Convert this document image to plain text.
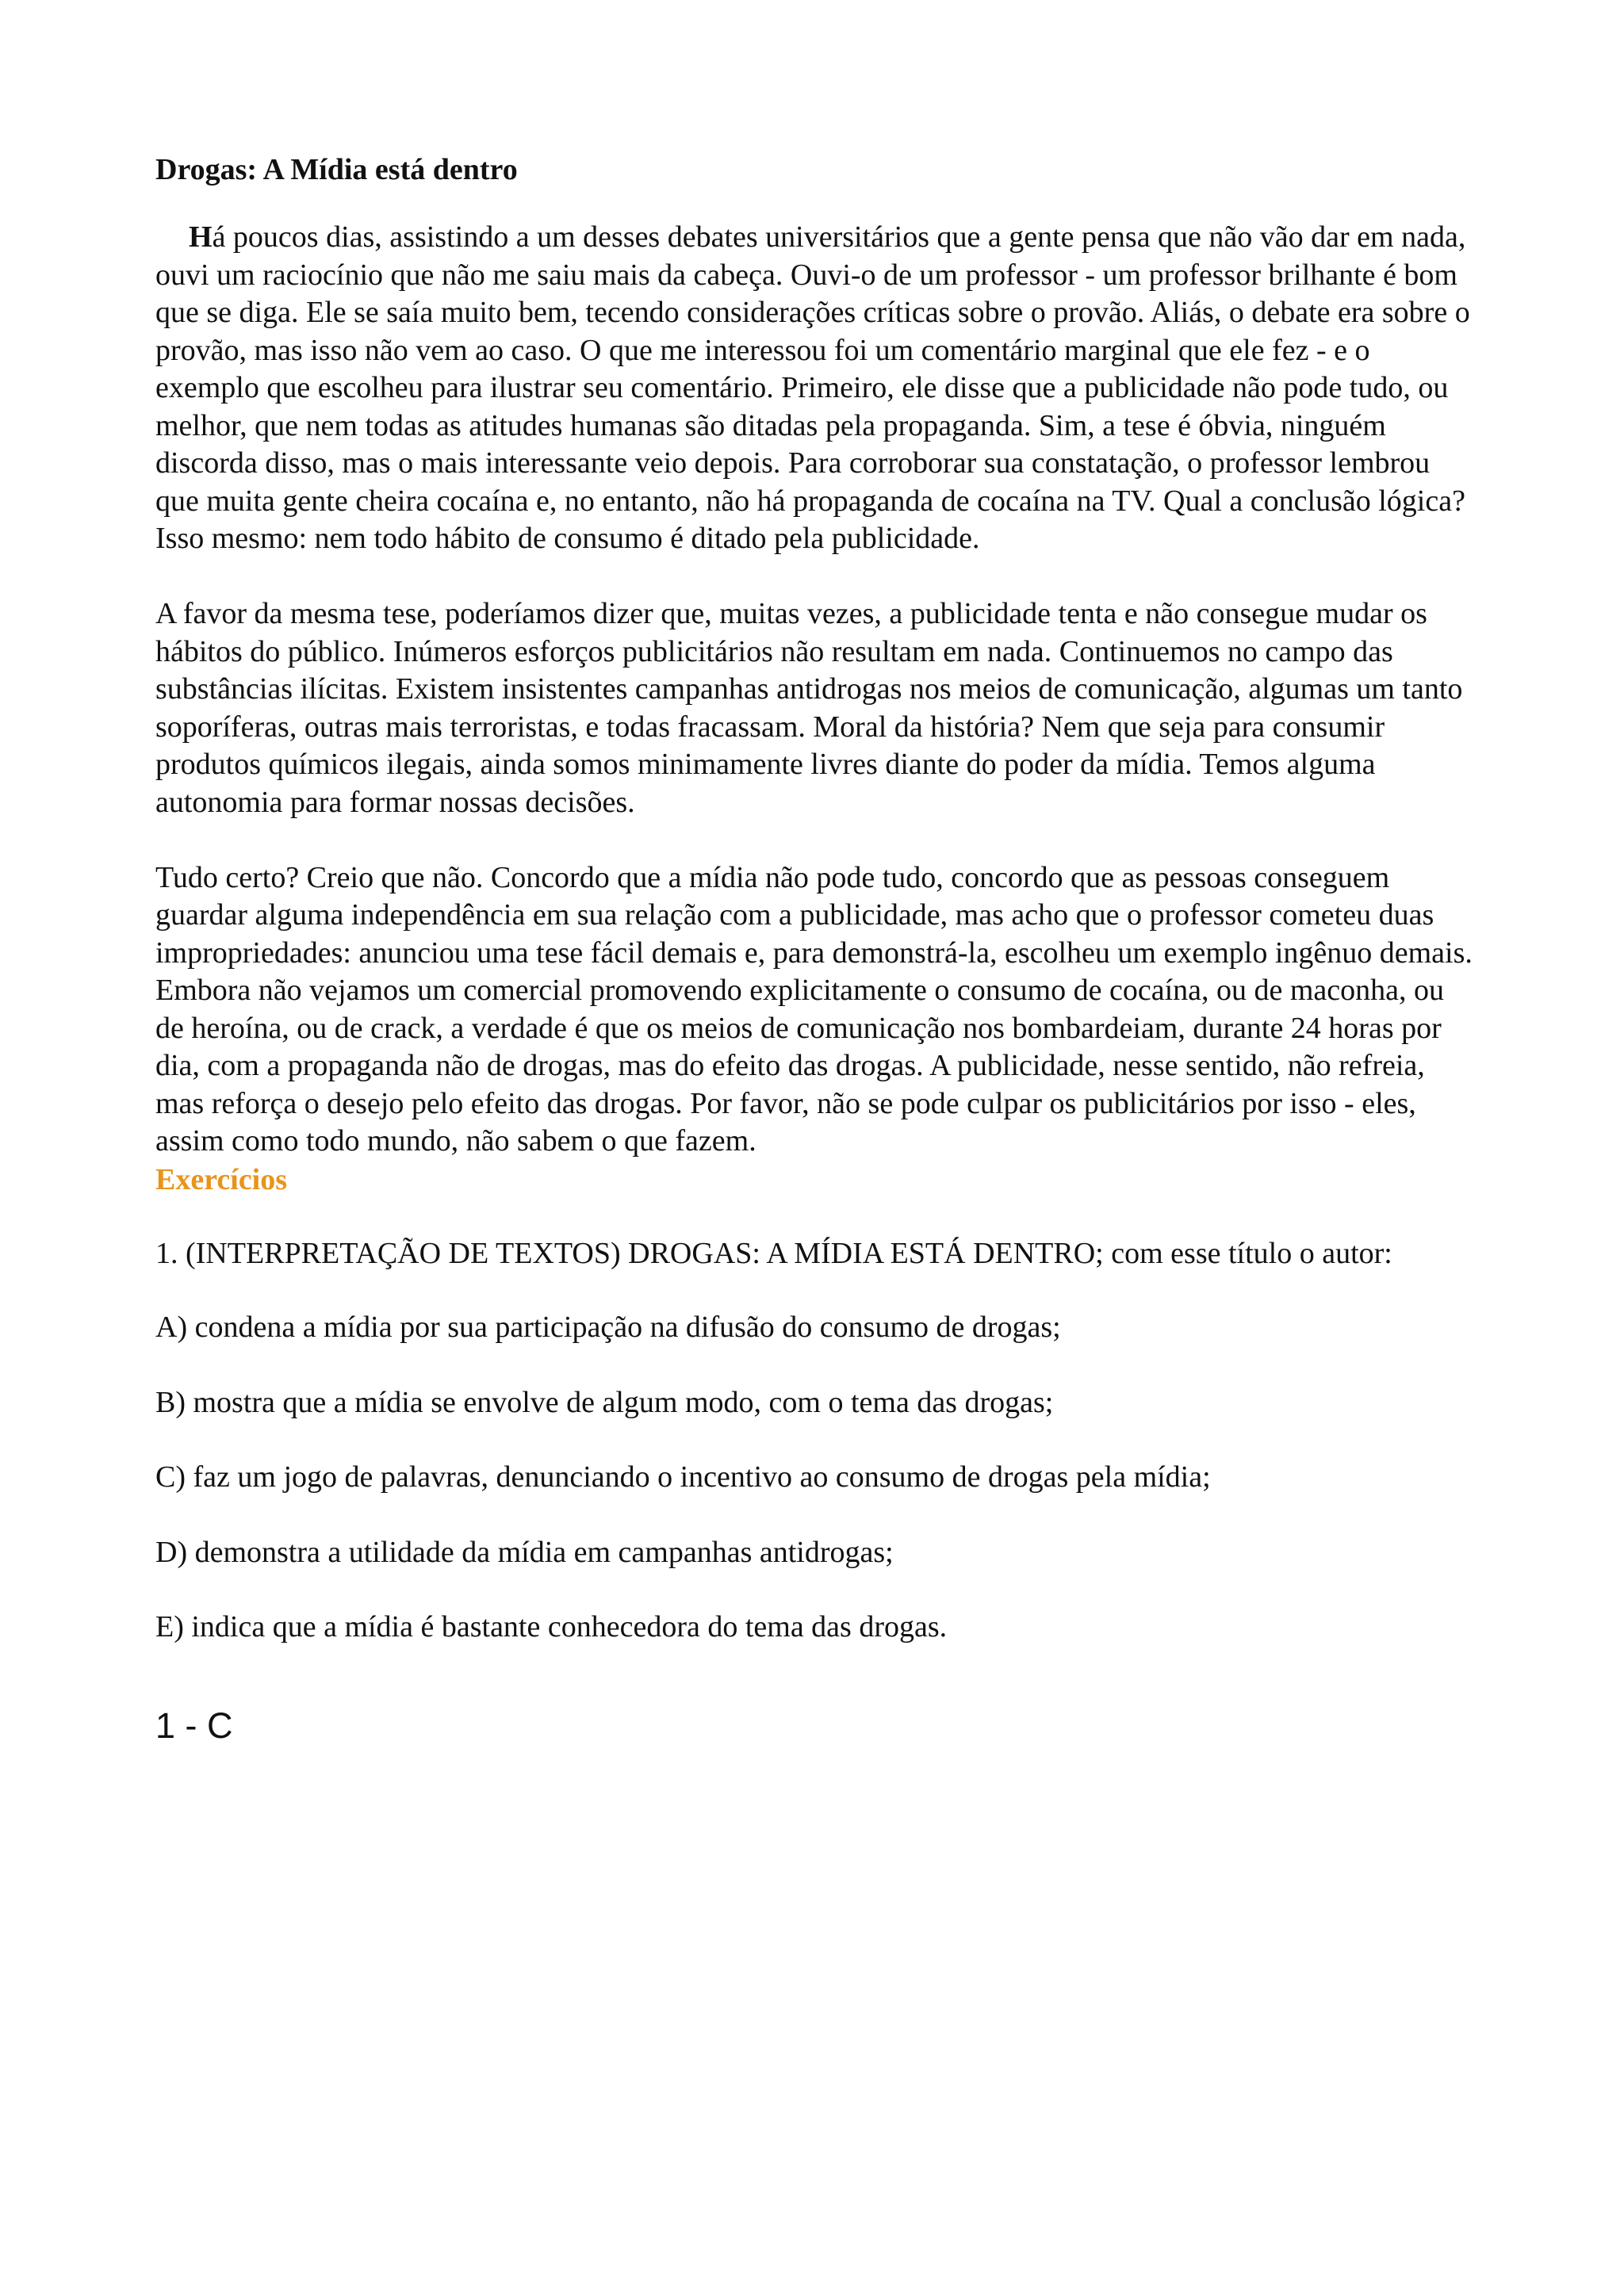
Drogas: A Mídia está dentro

Há poucos dias, assistindo a um desses debates universitários que a gente pensa que não vão dar em nada, ouvi um raciocínio que não me saiu mais da cabeça. Ouvi-o de um professor - um professor brilhante é bom que se diga. Ele se saía muito bem, tecendo considerações críticas sobre o provão. Aliás, o debate era sobre o provão, mas isso não vem ao caso. O que me interessou foi um comentário marginal que ele fez - e o exemplo que escolheu para ilustrar seu comentário. Primeiro, ele disse que a publicidade não pode tudo, ou melhor, que nem todas as atitudes humanas são ditadas pela propaganda. Sim, a tese é óbvia, ninguém discorda disso, mas o mais interessante veio depois. Para corroborar sua constatação, o professor lembrou que muita gente cheira cocaína e, no entanto, não há propaganda de cocaína na TV. Qual a conclusão lógica? Isso mesmo: nem todo hábito de consumo é ditado pela publicidade.

A favor da mesma tese, poderíamos dizer que, muitas vezes, a publicidade tenta e não consegue mudar os hábitos do público. Inúmeros esforços publicitários não resultam em nada. Continuemos no campo das substâncias ilícitas. Existem insistentes campanhas antidrogas nos meios de comunicação, algumas um tanto soporíferas, outras mais terroristas, e todas fracassam. Moral da história? Nem que seja para consumir produtos químicos ilegais, ainda somos minimamente livres diante do poder da mídia. Temos alguma autonomia para formar nossas decisões.

Tudo certo? Creio que não. Concordo que a mídia não pode tudo, concordo que as pessoas conseguem guardar alguma independência em sua relação com a publicidade, mas acho que o professor cometeu duas impropriedades: anunciou uma tese fácil demais e, para demonstrá-la, escolheu um exemplo ingênuo demais. Embora não vejamos um comercial promovendo explicitamente o consumo de cocaína, ou de maconha, ou de heroína, ou de crack, a verdade é que os meios de comunicação nos bombardeiam, durante 24 horas por dia, com a propaganda não de drogas, mas do efeito das drogas. A publicidade, nesse sentido, não refreia, mas reforça o desejo pelo efeito das drogas. Por favor, não se pode culpar os publicitários por isso - eles, assim como todo mundo, não sabem o que fazem.

Exercícios

1. (INTERPRETAÇÃO DE TEXTOS) DROGAS: A MÍDIA ESTÁ DENTRO; com esse título o autor:

A) condena a mídia por sua participação na difusão do consumo de drogas;

B) mostra que a mídia se envolve de algum modo, com o tema das drogas;

C) faz um jogo de palavras, denunciando o incentivo ao consumo de drogas pela mídia;

D) demonstra a utilidade da mídia em campanhas antidrogas;

E) indica que a mídia é bastante conhecedora do tema das drogas.

1 - C
